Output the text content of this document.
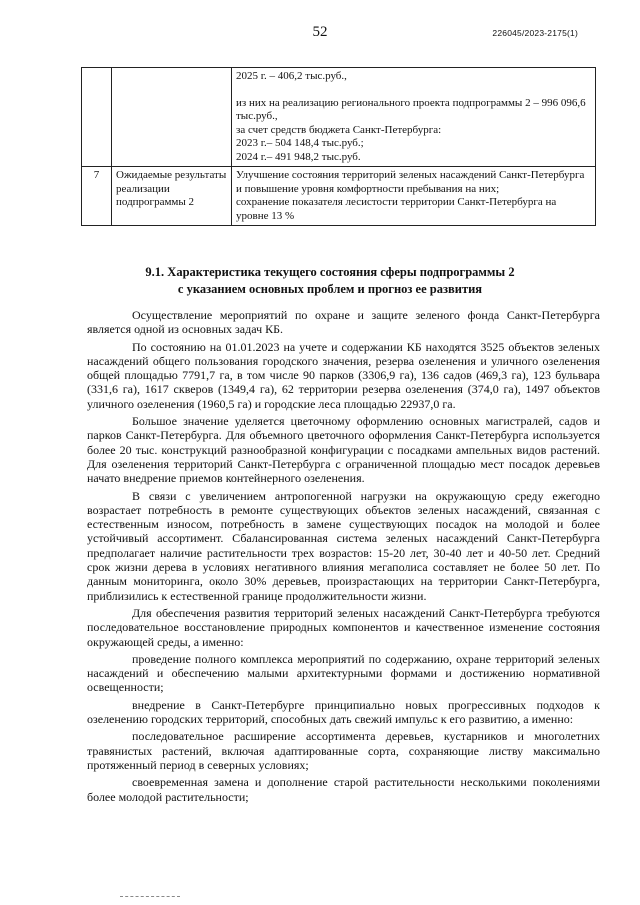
52	226045/2023-2175(1)

		2025 г. – 406,2 тыс.руб.,
из них на реализацию регионального проекта подпрограммы 2 – 996 096,6 тыс.руб.,
за счет средств бюджета Санкт-Петербурга:
2023 г.– 504 148,4 тыс.руб.;
2024 г.– 491 948,2 тыс.руб.

7	Ожидаемые результаты реализации подпрограммы 2	Улучшение состояния территорий зеленых насаждений Санкт-Петербурга и повышение уровня комфортности пребывания на них;
сохранение показателя лесистости территории Санкт-Петербурга на уровне 13 %
9.1. Характеристика текущего состояния сферы подпрограммы 2
с указанием основных проблем и прогноз ее развития

Осуществление мероприятий по охране и защите зеленого фонда Санкт-Петербурга является одной из основных задач КБ.

По состоянию на 01.01.2023 на учете и содержании КБ находятся 3525 объектов зеленых насаждений общего пользования городского значения, резерва озеленения и уличного озеленения общей площадью 7791,7 га, в том числе 90 парков (3306,9 га), 136 садов (469,3 га), 123 бульвара (331,6 га), 1617 скверов (1349,4 га), 62 территории резерва озеленения (374,0 га), 1497 объектов уличного озеленения (1960,5 га) и городские леса площадью 22937,0 га.

Большое значение уделяется цветочному оформлению основных магистралей, садов и парков Санкт-Петербурга. Для объемного цветочного оформления Санкт-Петербурга используется более 20 тыс. конструкций разнообразной конфигурации с посадками ампельных видов растений. Для озеленения территорий Санкт-Петербурга с ограниченной площадью мест посадок деревьев начато внедрение приемов контейнерного озеленения.

В связи с увеличением антропогенной нагрузки на окружающую среду ежегодно возрастает потребность в ремонте существующих объектов зеленых насаждений, связанная с естественным износом, потребность в замене существующих посадок на молодой и более устойчивый ассортимент. Сбалансированная система зеленых насаждений Санкт-Петербурга предполагает наличие растительности трех возрастов: 15-20 лет, 30-40 лет и 40-50 лет. Средний срок жизни дерева в условиях негативного влияния мегаполиса составляет не более 50 лет. По данным мониторинга, около 30% деревьев, произрастающих на территории Санкт-Петербурга, приблизились к естественной границе продолжительности жизни.

Для обеспечения развития территорий зеленых насаждений Санкт-Петербурга требуются последовательное восстановление природных компонентов и качественное изменение состояния окружающей среды, а именно:

проведение полного комплекса мероприятий по содержанию, охране территорий зеленых насаждений и обеспечению малыми архитектурными формами и достижению нормативной освещенности;

внедрение в Санкт-Петербурге принципиально новых прогрессивных подходов к озеленению городских территорий, способных дать свежий импульс к его развитию, а именно:

последовательное расширение ассортимента деревьев, кустарников и многолетних травянистых растений, включая адаптированные сорта, сохраняющие листву максимально протяженный период в северных условиях;

своевременная замена и дополнение старой растительности несколькими поколениями более молодой растительности;
